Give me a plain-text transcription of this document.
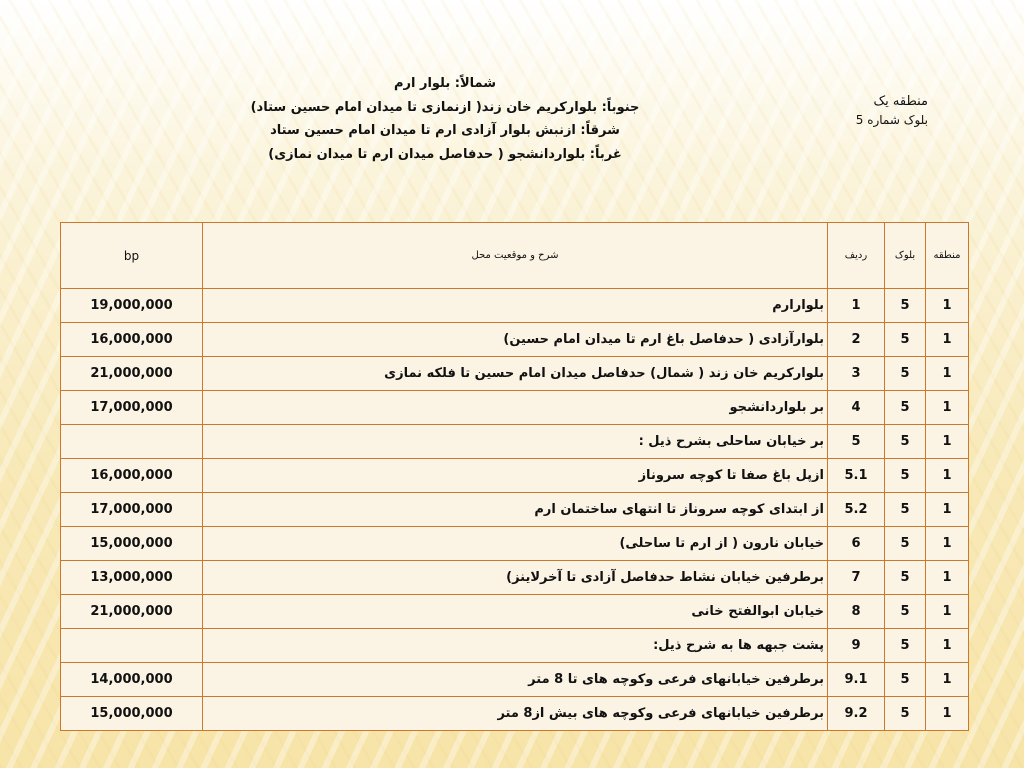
منطقه یک
بلوک شماره 5
شمالاً: بلوار ارم
جنوباً: بلوارکریم خان زند( ازنمازی تا میدان امام حسین ستاد)
شرقاً: ازنبش بلوار آزادی ارم تا میدان امام حسین ستاد
غرباً: بلواردانشجو ( حدفاصل میدان ارم تا میدان نمازی)
bp	شرح و موقعیت محل	ردیف	بلوک	منطقه
19,000,000	بلوارارم	1	5	1
16,000,000	بلوارآزادی ( حدفاصل باغ ارم تا میدان امام حسین)	2	5	1
21,000,000	بلوارکریم خان زند ( شمال) حدفاصل میدان امام حسین تا فلکه نمازی	3	5	1
17,000,000	بر بلواردانشجو	4	5	1
	بر خیابان ساحلی بشرح ذیل :	5	5	1
16,000,000	ازپل باغ صفا تا کوچه سروناز	5.1	5	1
17,000,000	از ابتدای کوچه سروناز تا انتهای ساختمان ارم	5.2	5	1
15,000,000	خیابان نارون ( از ارم تا ساحلی)	6	5	1
13,000,000	برطرفین خیابان نشاط حدفاصل آزادی تا آخرلاینز)	7	5	1
21,000,000	خیابان ابوالفتح خانی	8	5	1
	پشت جبهه ها به شرح ذیل:	9	5	1
14,000,000	برطرفین خیابانهای فرعی وکوچه های تا 8 متر	9.1	5	1
15,000,000	برطرفین خیابانهای فرعی وکوچه های بیش از8 متر	9.2	5	1
